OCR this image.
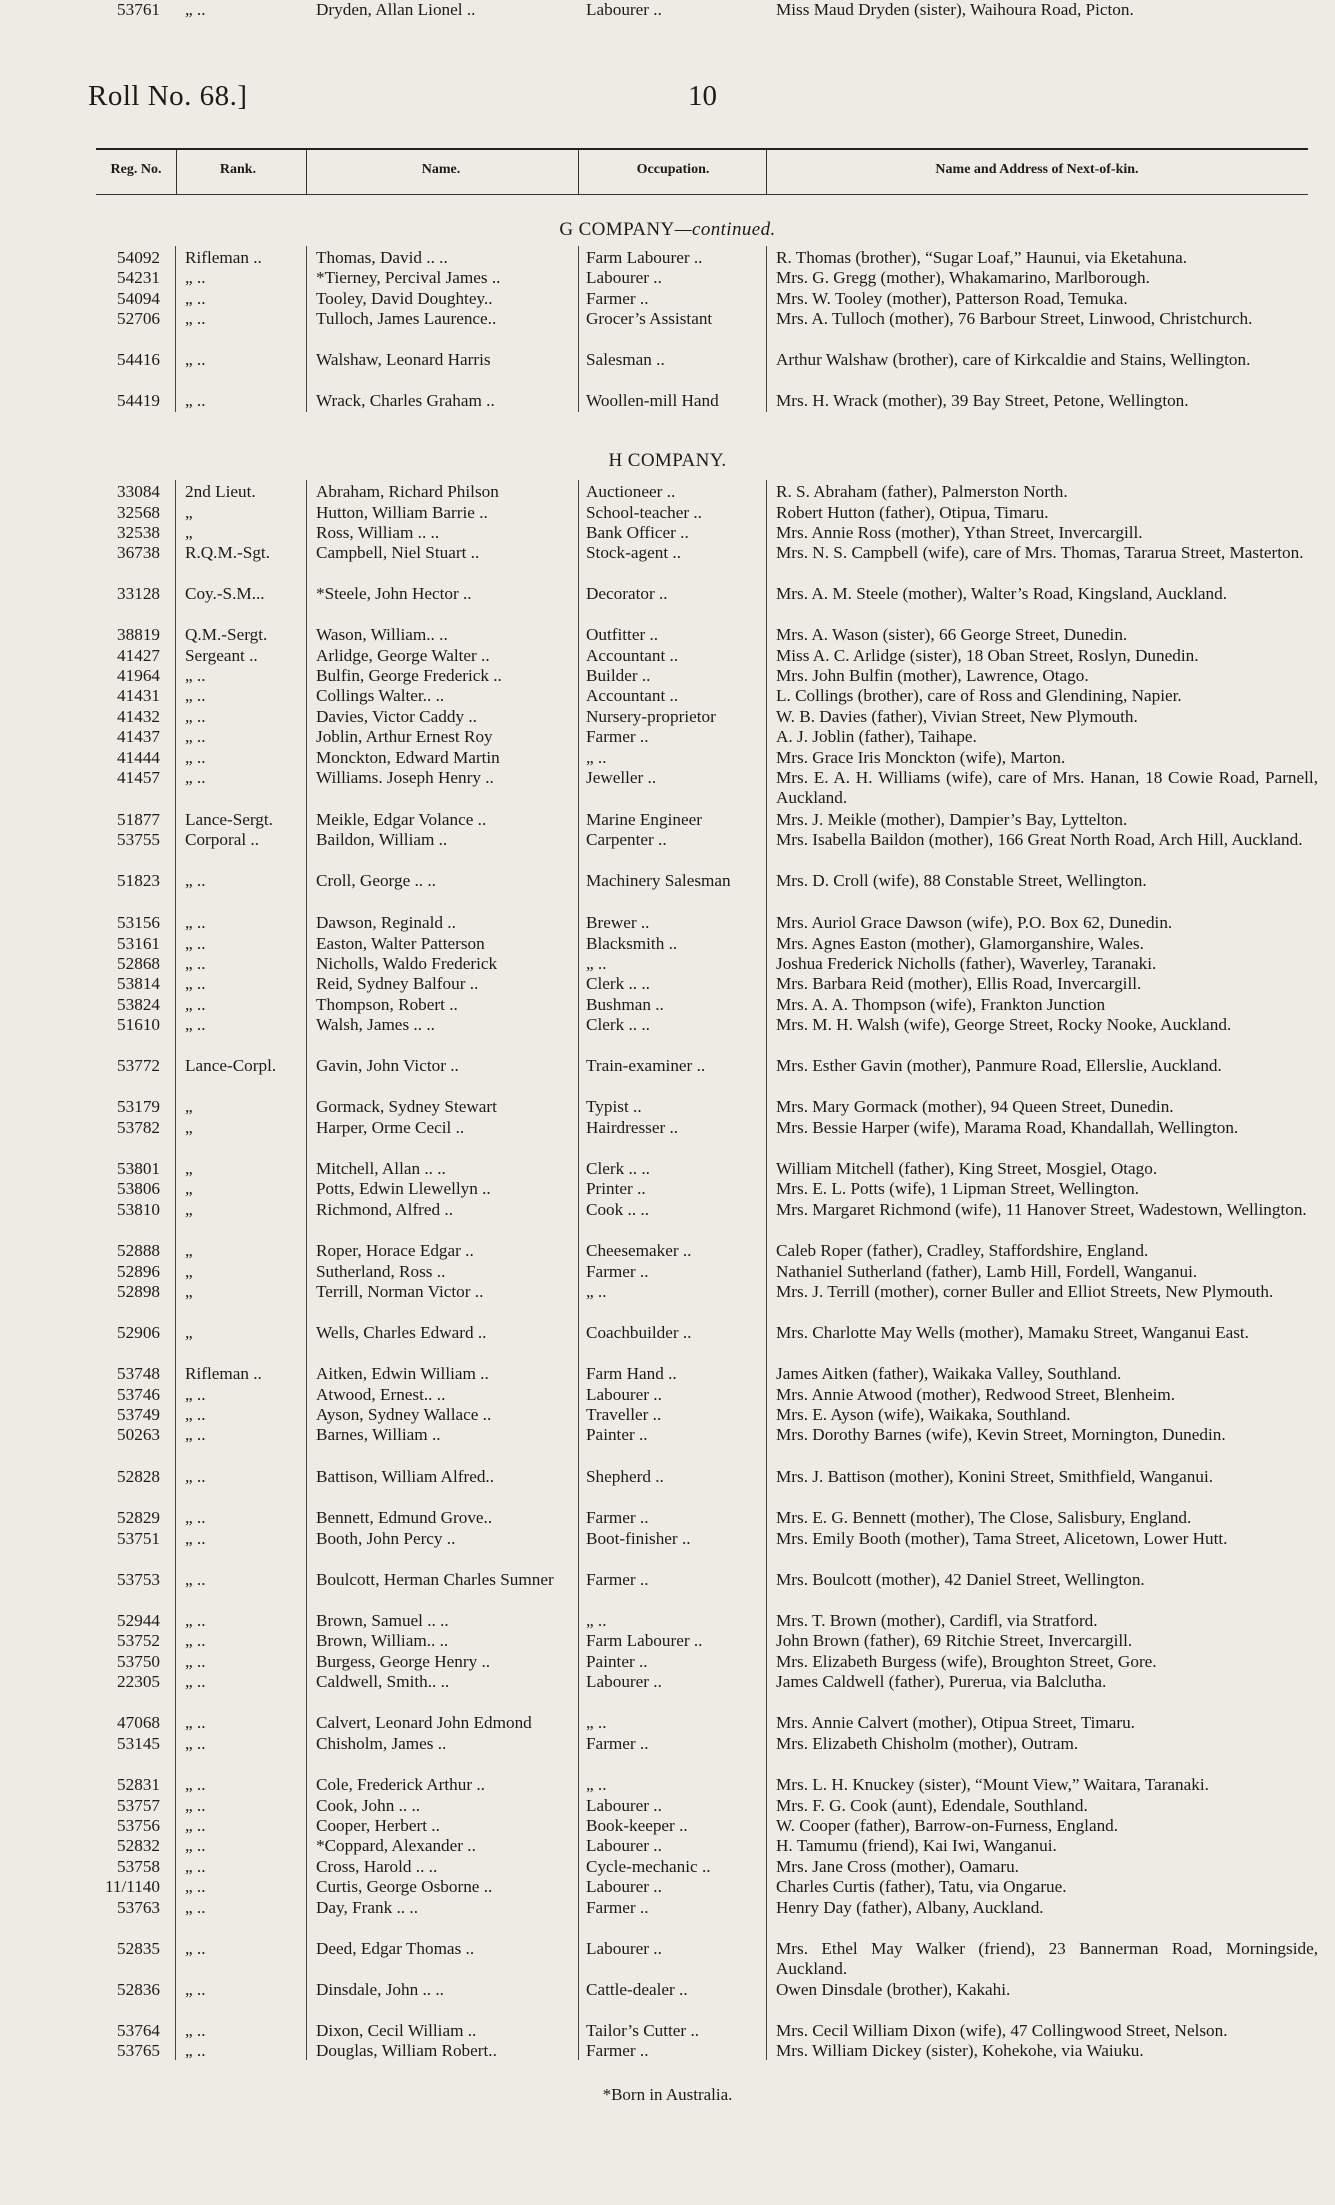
Roll No. 68.]	10
Reg. No.	Rank.	Name.	Occupation.	Name and Address of Next-of-kin.
G COMPANY—continued.
H COMPANY.
54092 Rifleman ..	Thomas, David .. ..	Farm Labourer ..	R. Thomas (brother), “Sugar Loaf,” Haunui, via Eketahuna.
54231 „ ..	*Tierney, Percival James ..	Labourer ..	Mrs. G. Gregg (mother), Whakamarino, Marlborough.
54094 „ ..	Tooley, David Doughtey..	Farmer ..	Mrs. W. Tooley (mother), Patterson Road, Temuka.
52706 „ ..	Tulloch, James Laurence..	Grocer’s Assistant	Mrs. A. Tulloch (mother), 76 Barbour Street, Linwood, Christchurch.
54416 „ ..	Walshaw, Leonard Harris	Salesman ..	Arthur Walshaw (brother), care of Kirkcaldie and Stains, Wellington.
54419 „ ..	Wrack, Charles Graham ..	Woollen-mill Hand	Mrs. H. Wrack (mother), 39 Bay Street, Petone, Wellington.
33084 2nd Lieut.	Abraham, Richard Philson	Auctioneer ..	R. S. Abraham (father), Palmerston North.
32568 „	Hutton, William Barrie ..	School-teacher ..	Robert Hutton (father), Otipua, Timaru.
32538 „	Ross, William .. ..	Bank Officer ..	Mrs. Annie Ross (mother), Ythan Street, Invercargill.
36738 R.Q.M.-Sgt.	Campbell, Niel Stuart ..	Stock-agent ..	Mrs. N. S. Campbell (wife), care of Mrs. Thomas, Tararua Street, Masterton.
33128 Coy.-S.M...	*Steele, John Hector ..	Decorator ..	Mrs. A. M. Steele (mother), Walter’s Road, Kingsland, Auckland.
38819 Q.M.-Sergt.	Wason, William.. ..	Outfitter ..	Mrs. A. Wason (sister), 66 George Street, Dunedin.
41427 Sergeant ..	Arlidge, George Walter ..	Accountant ..	Miss A. C. Arlidge (sister), 18 Oban Street, Roslyn, Dunedin.
41964 „ ..	Bulfin, George Frederick ..	Builder ..	Mrs. John Bulfin (mother), Lawrence, Otago.
41431 „ ..	Collings Walter.. ..	Accountant ..	L. Collings (brother), care of Ross and Glendining, Napier.
41432 „ ..	Davies, Victor Caddy ..	Nursery-proprietor	W. B. Davies (father), Vivian Street, New Plymouth.
41437 „ ..	Joblin, Arthur Ernest Roy	Farmer ..	A. J. Joblin (father), Taihape.
41444 „ ..	Monckton, Edward Martin	„ ..	Mrs. Grace Iris Monckton (wife), Marton.
41457 „ ..	Williams. Joseph Henry ..	Jeweller ..	Mrs. E. A. H. Williams (wife), care of Mrs. Hanan, 18 Cowie Road, Parnell, Auckland.
51877 Lance-Sergt.	Meikle, Edgar Volance ..	Marine Engineer	Mrs. J. Meikle (mother), Dampier’s Bay, Lyttelton.
53755 Corporal ..	Baildon, William ..	Carpenter ..	Mrs. Isabella Baildon (mother), 166 Great North Road, Arch Hill, Auckland.
51823 „ ..	Croll, George .. ..	Machinery Salesman	Mrs. D. Croll (wife), 88 Constable Street, Wellington.
53156 „ ..	Dawson, Reginald ..	Brewer ..	Mrs. Auriol Grace Dawson (wife), P.O. Box 62, Dunedin.
53161 „ ..	Easton, Walter Patterson	Blacksmith ..	Mrs. Agnes Easton (mother), Glamorganshire, Wales.
52868 „ ..	Nicholls, Waldo Frederick	„ ..	Joshua Frederick Nicholls (father), Waverley, Taranaki.
53814 „ ..	Reid, Sydney Balfour ..	Clerk .. ..	Mrs. Barbara Reid (mother), Ellis Road, Invercargill.
53824 „ ..	Thompson, Robert ..	Bushman ..	Mrs. A. A. Thompson (wife), Frankton Junction
51610 „ ..	Walsh, James .. ..	Clerk .. ..	Mrs. M. H. Walsh (wife), George Street, Rocky Nooke, Auckland.
53772 Lance-Corpl. Gavin, John Victor ..	Train-examiner ..	Mrs. Esther Gavin (mother), Panmure Road, Ellerslie, Auckland.
53179 „	Gormack, Sydney Stewart	Typist ..	Mrs. Mary Gormack (mother), 94 Queen Street, Dunedin.
53782 „	Harper, Orme Cecil ..	Hairdresser ..	Mrs. Bessie Harper (wife), Marama Road, Khandallah, Wellington.
53801 „	Mitchell, Allan .. ..	Clerk .. ..	William Mitchell (father), King Street, Mosgiel, Otago.
53806 „	Potts, Edwin Llewellyn ..	Printer ..	Mrs. E. L. Potts (wife), 1 Lipman Street, Wellington.
53810 „	Richmond, Alfred ..	Cook .. ..	Mrs. Margaret Richmond (wife), 11 Hanover Street, Wadestown, Wellington.
52888 „	Roper, Horace Edgar ..	Cheesemaker ..	Caleb Roper (father), Cradley, Staffordshire, England.
52896 „	Sutherland, Ross ..	Farmer ..	Nathaniel Sutherland (father), Lamb Hill, Fordell, Wanganui.
52898 „	Terrill, Norman Victor ..	„ ..	Mrs. J. Terrill (mother), corner Buller and Elliot Streets, New Plymouth.
52906 „	Wells, Charles Edward ..	Coachbuilder ..	Mrs. Charlotte May Wells (mother), Mamaku Street, Wanganui East.
53748 Rifleman ..	Aitken, Edwin William ..	Farm Hand ..	James Aitken (father), Waikaka Valley, Southland.
53746 „ ..	Atwood, Ernest.. ..	Labourer ..	Mrs. Annie Atwood (mother), Redwood Street, Blenheim.
53749 „ ..	Ayson, Sydney Wallace ..	Traveller ..	Mrs. E. Ayson (wife), Waikaka, Southland.
50263 „ ..	Barnes, William ..	Painter ..	Mrs. Dorothy Barnes (wife), Kevin Street, Mornington, Dunedin.
52828 „ ..	Battison, William Alfred..	Shepherd ..	Mrs. J. Battison (mother), Konini Street, Smithfield, Wanganui.
52829 „ ..	Bennett, Edmund Grove..	Farmer ..	Mrs. E. G. Bennett (mother), The Close, Salisbury, England.
53751 „ ..	Booth, John Percy ..	Boot-finisher ..	Mrs. Emily Booth (mother), Tama Street, Alicetown, Lower Hutt.
53753 „ ..	Boulcott, Herman Charles Sumner	Farmer ..	Mrs. Boulcott (mother), 42 Daniel Street, Wellington.
52944 „ ..	Brown, Samuel .. ..	„ ..	Mrs. T. Brown (mother), Cardifl, via Stratford.
53752 „ ..	Brown, William.. ..	Farm Labourer ..	John Brown (father), 69 Ritchie Street, Invercargill.
53750 „ ..	Burgess, George Henry ..	Painter ..	Mrs. Elizabeth Burgess (wife), Broughton Street, Gore.
22305 „ ..	Caldwell, Smith.. ..	Labourer ..	James Caldwell (father), Purerua, via Balclutha.
47068 „ ..	Calvert, Leonard John Edmond	„ ..	Mrs. Annie Calvert (mother), Otipua Street, Timaru.
53145 „ ..	Chisholm, James ..	Farmer ..	Mrs. Elizabeth Chisholm (mother), Outram.
52831 „ ..	Cole, Frederick Arthur ..	„ ..	Mrs. L. H. Knuckey (sister), “Mount View,” Waitara, Taranaki.
53757 „ ..	Cook, John .. ..	Labourer ..	Mrs. F. G. Cook (aunt), Edendale, Southland.
53756 „ ..	Cooper, Herbert ..	Book-keeper ..	W. Cooper (father), Barrow-on-Furness, England.
52832 „ ..	*Coppard, Alexander ..	Labourer ..	H. Tamumu (friend), Kai Iwi, Wanganui.
53758 „ ..	Cross, Harold .. ..	Cycle-mechanic ..	Mrs. Jane Cross (mother), Oamaru.
11/1140 „ ..	Curtis, George Osborne ..	Labourer ..	Charles Curtis (father), Tatu, via Ongarue.
53763 „ ..	Day, Frank .. ..	Farmer ..	Henry Day (father), Albany, Auckland.
52835 „ ..	Deed, Edgar Thomas ..	Labourer ..	Mrs. Ethel May Walker (friend), 23 Bannerman Road, Morningside, Auckland.
52836 „ ..	Dinsdale, John .. ..	Cattle-dealer ..	Owen Dinsdale (brother), Kakahi.
53764 „ ..	Dixon, Cecil William ..	Tailor’s Cutter ..	Mrs. Cecil William Dixon (wife), 47 Collingwood Street, Nelson.
53765 „ ..	Douglas, William Robert..	Farmer ..	Mrs. William Dickey (sister), Kohekohe, via Waiuku.
53761 „ ..	Dryden, Allan Lionel ..	Labourer ..	Miss Maud Dryden (sister), Waihoura Road, Picton.
*Born in Australia.
